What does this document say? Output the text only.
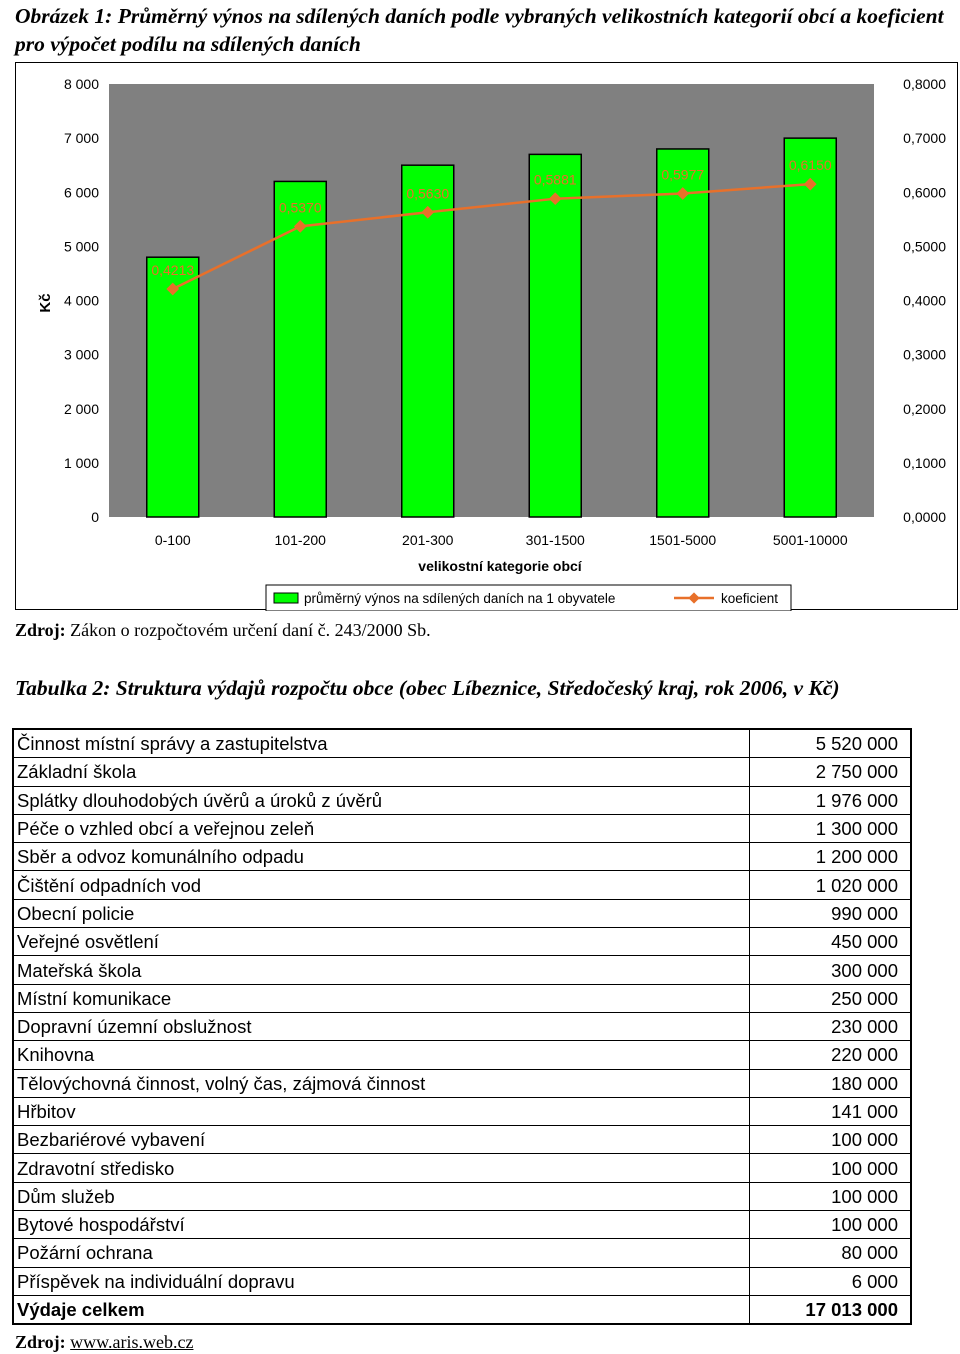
Obrázek 1: Průměrný výnos na sdílených daních podle vybraných velikostních kategorií obcí a koeficient pro výpočet podílu na sdílených daních
0
1 000
2 000
3 000
4 000
5 000
6 000
7 000
8 000
0,0000
0,1000
0,2000
0,3000
0,4000
0,5000
0,6000
0,7000
0,8000
Kč
0-100	101-200	201-300	301-1500	1501-5000	5001-10000
velikostní kategorie obcí
0,4213
0,5370
0,5630
0,5881	0,5977
0,6150
průměrný výnos na sdílených daních na 1 obyvatele	koeficient

Zdroj: Zákon o rozpočtovém určení daní č. 243/2000 Sb.

Tabulka 2: Struktura výdajů rozpočtu obce (obec Líbeznice, Středočeský kraj, rok 2006, v Kč)
Činnost místní správy a zastupitelstva	5 520 000
Základní škola	2 750 000
Splátky dlouhodobých úvěrů a úroků z úvěrů	1 976 000
Péče o vzhled obcí a veřejnou zeleň	1 300 000
Sběr a odvoz komunálního odpadu	1 200 000
Čištění odpadních vod	1 020 000
Obecní policie	990 000
Veřejné osvětlení	450 000
Mateřská škola	300 000
Místní komunikace	250 000
Dopravní územní obslužnost	230 000
Knihovna	220 000
Tělovýchovná činnost, volný čas, zájmová činnost	180 000
Hřbitov	141 000
Bezbariérové vybavení	100 000
Zdravotní středisko	100 000
Dům služeb	100 000
Bytové hospodářství	100 000
Požární ochrana	80 000
Příspěvek na individuální dopravu	6 000
Výdaje celkem	17 013 000

Zdroj: www.aris.web.cz
